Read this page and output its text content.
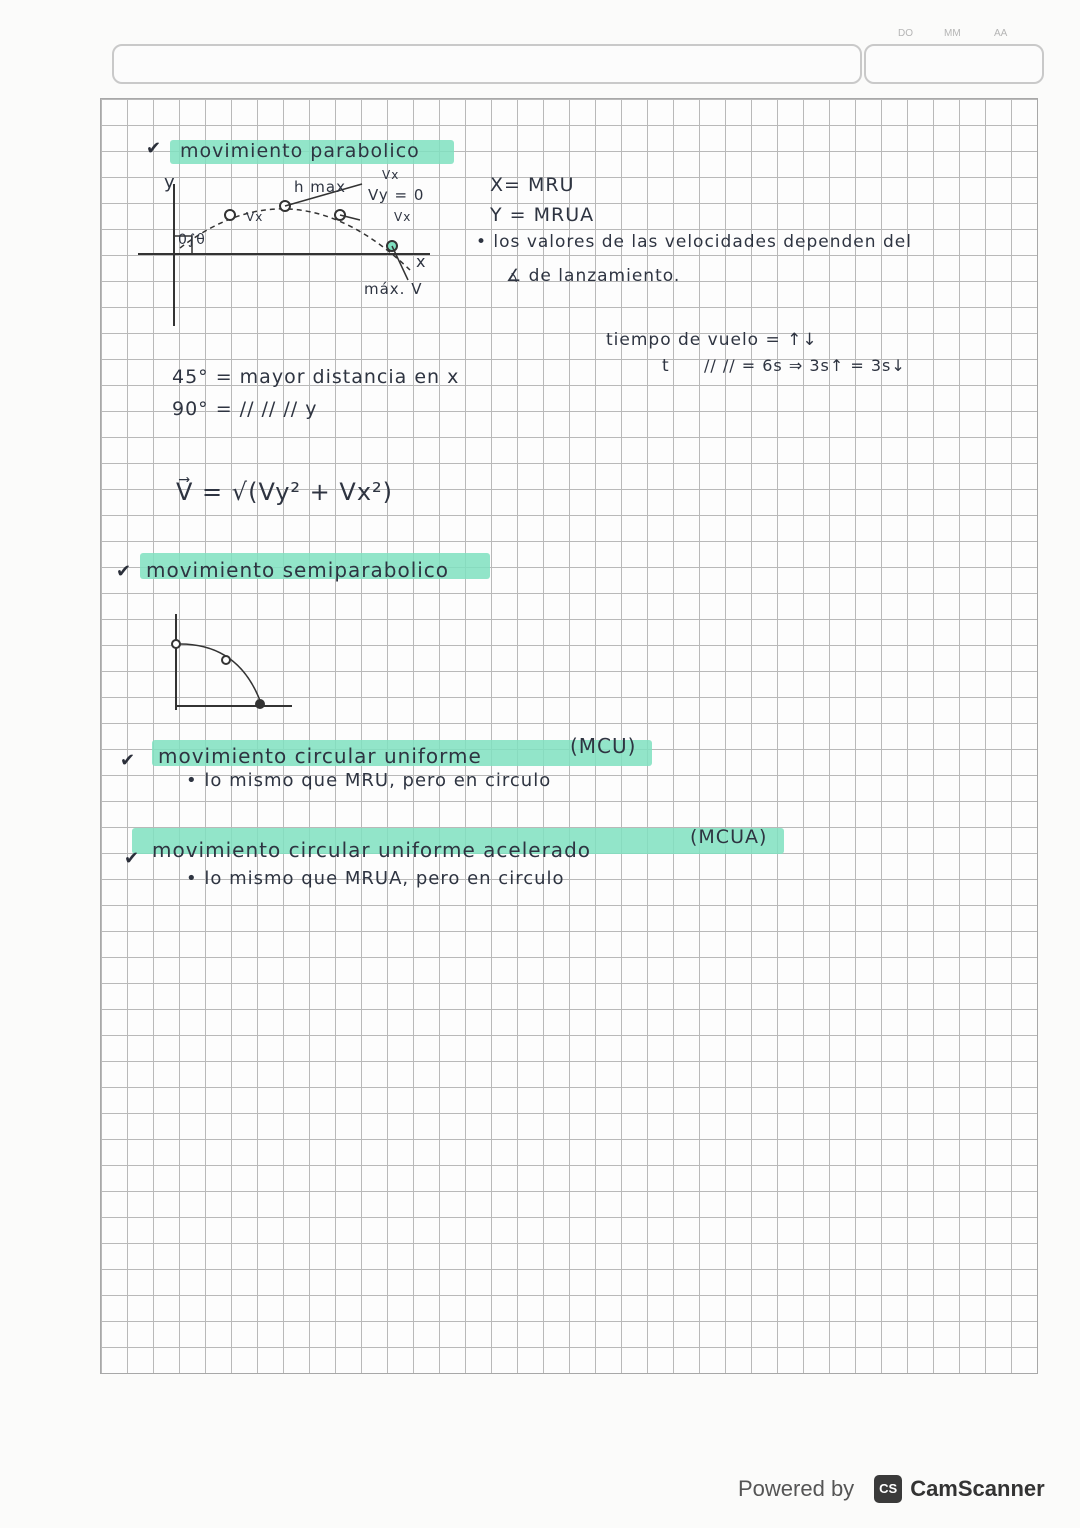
DO	MM	AA
✔ movimiento parabolico
y
0∫θ
Vx
h max
Vx
Vy = 0
Vx
x
máx. V
X= MRU
Y = MRUA
• los valores de las velocidades dependen del
∡ de lanzamiento.
tiempo de vuelo = ↑↓
t // // = 6s ⇒ 3s↑ = 3s↓
45° = mayor distancia en x
90° = // // // y
V⃗ = √(Vy² + Vx²)
✔ movimiento semiparabolico
✔ movimiento circular uniforme	(MCU)
• lo mismo que MRU, pero en circulo
✔ movimiento circular uniforme acelerado
(MCUA)
• lo mismo que MRUA, pero en circulo
Powered by	CS CamScanner
